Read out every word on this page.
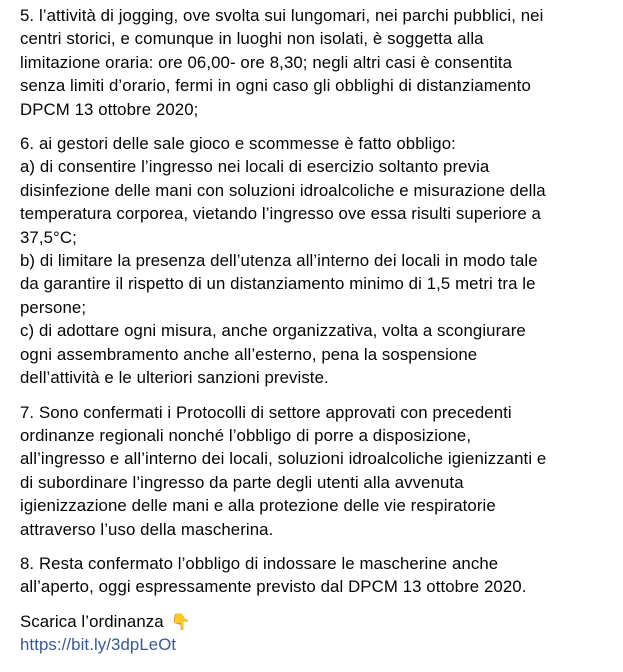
5. l’attività di jogging, ove svolta sui lungomari, nei parchi pubblici, nei
centri storici, e comunque in luoghi non isolati, è soggetta alla
limitazione oraria: ore 06,00- ore 8,30; negli altri casi è consentita
senza limiti d’orario, fermi in ogni caso gli obblighi di distanziamento
DPCM 13 ottobre 2020;
6. ai gestori delle sale gioco e scommesse è fatto obbligo:
a) di consentire l’ingresso nei locali di esercizio soltanto previa
disinfezione delle mani con soluzioni idroalcoliche e misurazione della
temperatura corporea, vietando l’ingresso ove essa risulti superiore a
37,5°C;
b) di limitare la presenza dell’utenza all’interno dei locali in modo tale
da garantire il rispetto di un distanziamento minimo di 1,5 metri tra le
persone;
c) di adottare ogni misura, anche organizzativa, volta a scongiurare
ogni assembramento anche all’esterno, pena la sospensione
dell’attività e le ulteriori sanzioni previste.
7. Sono confermati i Protocolli di settore approvati con precedenti
ordinanze regionali nonché l’obbligo di porre a disposizione,
all’ingresso e all’interno dei locali, soluzioni idroalcoliche igienizzanti e
di subordinare l’ingresso da parte degli utenti alla avvenuta
igienizzazione delle mani e alla protezione delle vie respiratorie
attraverso l’uso della mascherina.
8. Resta confermato l’obbligo di indossare le mascherine anche
all’aperto, oggi espressamente previsto dal DPCM 13 ottobre 2020.
Scarica l’ordinanza 👇
https://bit.ly/3dpLeOt
